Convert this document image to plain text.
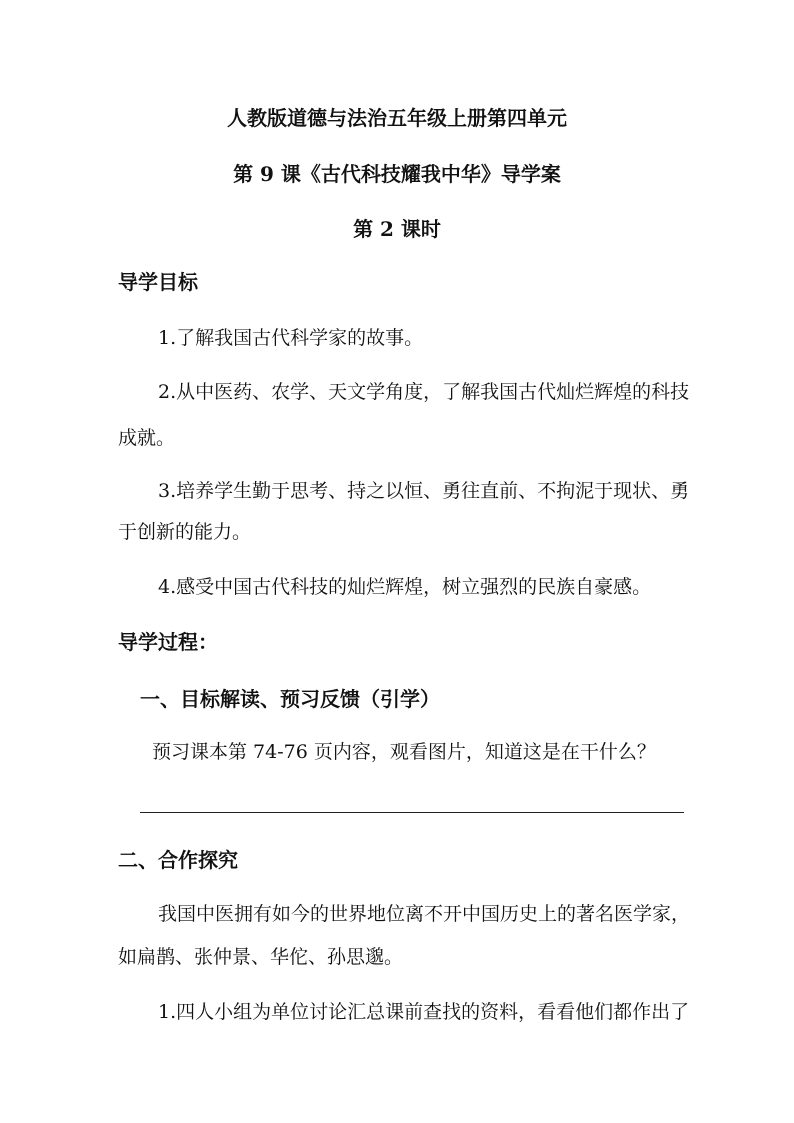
人教版道德与法治五年级上册第四单元
第 9 课《古代科技耀我中华》导学案
第 2 课时
导学目标
1.了解我国古代科学家的故事。
2.从中医药、农学、天文学角度，了解我国古代灿烂辉煌的科技
成就。
3.培养学生勤于思考、持之以恒、勇往直前、不拘泥于现状、勇
于创新的能力。
4.感受中国古代科技的灿烂辉煌，树立强烈的民族自豪感。
导学过程：
一、目标解读、预习反馈（引学）
预习课本第 74-76 页内容，观看图片，知道这是在干什么？
二、合作探究
我国中医拥有如今的世界地位离不开中国历史上的著名医学家，
如扁鹊、张仲景、华佗、孙思邈。
1.四人小组为单位讨论汇总课前查找的资料，看看他们都作出了
